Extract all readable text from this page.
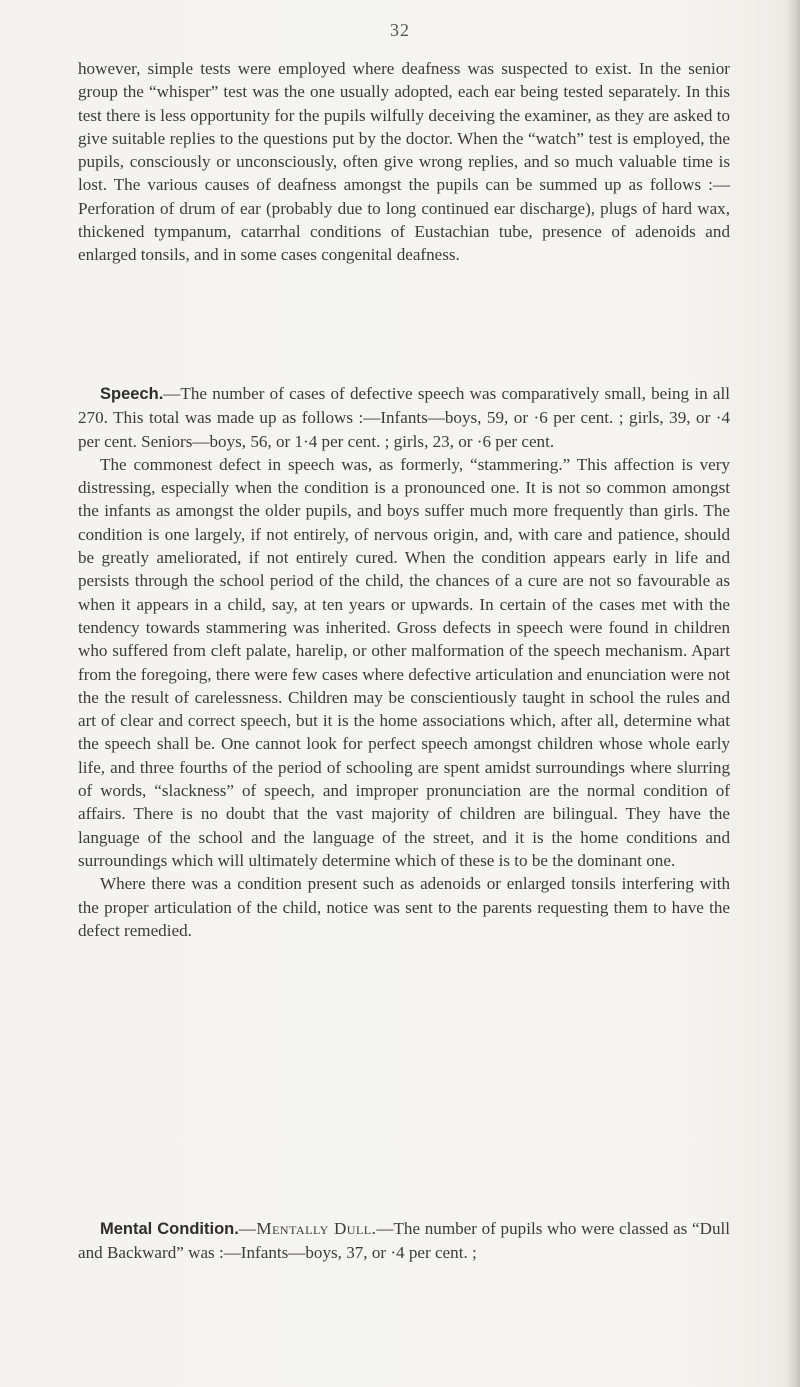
32

however, simple tests were employed where deafness was suspected to exist. In the senior group the “whisper” test was the one usually adopted, each ear being tested separately. In this test there is less opportunity for the pupils wilfully deceiving the examiner, as they are asked to give suitable replies to the questions put by the doctor. When the “watch” test is employed, the pupils, consciously or unconsciously, often give wrong replies, and so much valuable time is lost. The various causes of deafness amongst the pupils can be summed up as follows :—Perforation of drum of ear (probably due to long continued ear discharge), plugs of hard wax, thickened tympanum, catarrhal conditions of Eustachian tube, presence of adenoids and enlarged tonsils, and in some cases congenital deafness.

Speech.—The number of cases of defective speech was comparatively small, being in all 270. This total was made up as follows :—Infants—boys, 59, or ·6 per cent. ; girls, 39, or ·4 per cent. Seniors—boys, 56, or 1·4 per cent. ; girls, 23, or ·6 per cent.

The commonest defect in speech was, as formerly, “stammering.” This affection is very distressing, especially when the condition is a pronounced one. It is not so common amongst the infants as amongst the older pupils, and boys suffer much more frequently than girls. The condition is one largely, if not entirely, of nervous origin, and, with care and patience, should be greatly ameliorated, if not entirely cured. When the condition appears early in life and persists through the school period of the child, the chances of a cure are not so favourable as when it appears in a child, say, at ten years or upwards. In certain of the cases met with the tendency towards stammering was inherited. Gross defects in speech were found in children who suffered from cleft palate, harelip, or other malformation of the speech mechanism. Apart from the foregoing, there were few cases where defective articulation and enunciation were not the the result of carelessness. Children may be conscientiously taught in school the rules and art of clear and correct speech, but it is the home associations which, after all, determine what the speech shall be. One cannot look for perfect speech amongst children whose whole early life, and three fourths of the period of schooling are spent amidst surroundings where slurring of words, “slackness” of speech, and improper pronunciation are the normal condition of affairs. There is no doubt that the vast majority of children are bilingual. They have the language of the school and the language of the street, and it is the home conditions and surroundings which will ultimately determine which of these is to be the dominant one.

Where there was a condition present such as adenoids or enlarged tonsils interfering with the proper articulation of the child, notice was sent to the parents requesting them to have the defect remedied.

Mental Condition.—Mentally Dull.—The number of pupils who were classed as “Dull and Backward” was :—Infants—boys, 37, or ·4 per cent. ;
